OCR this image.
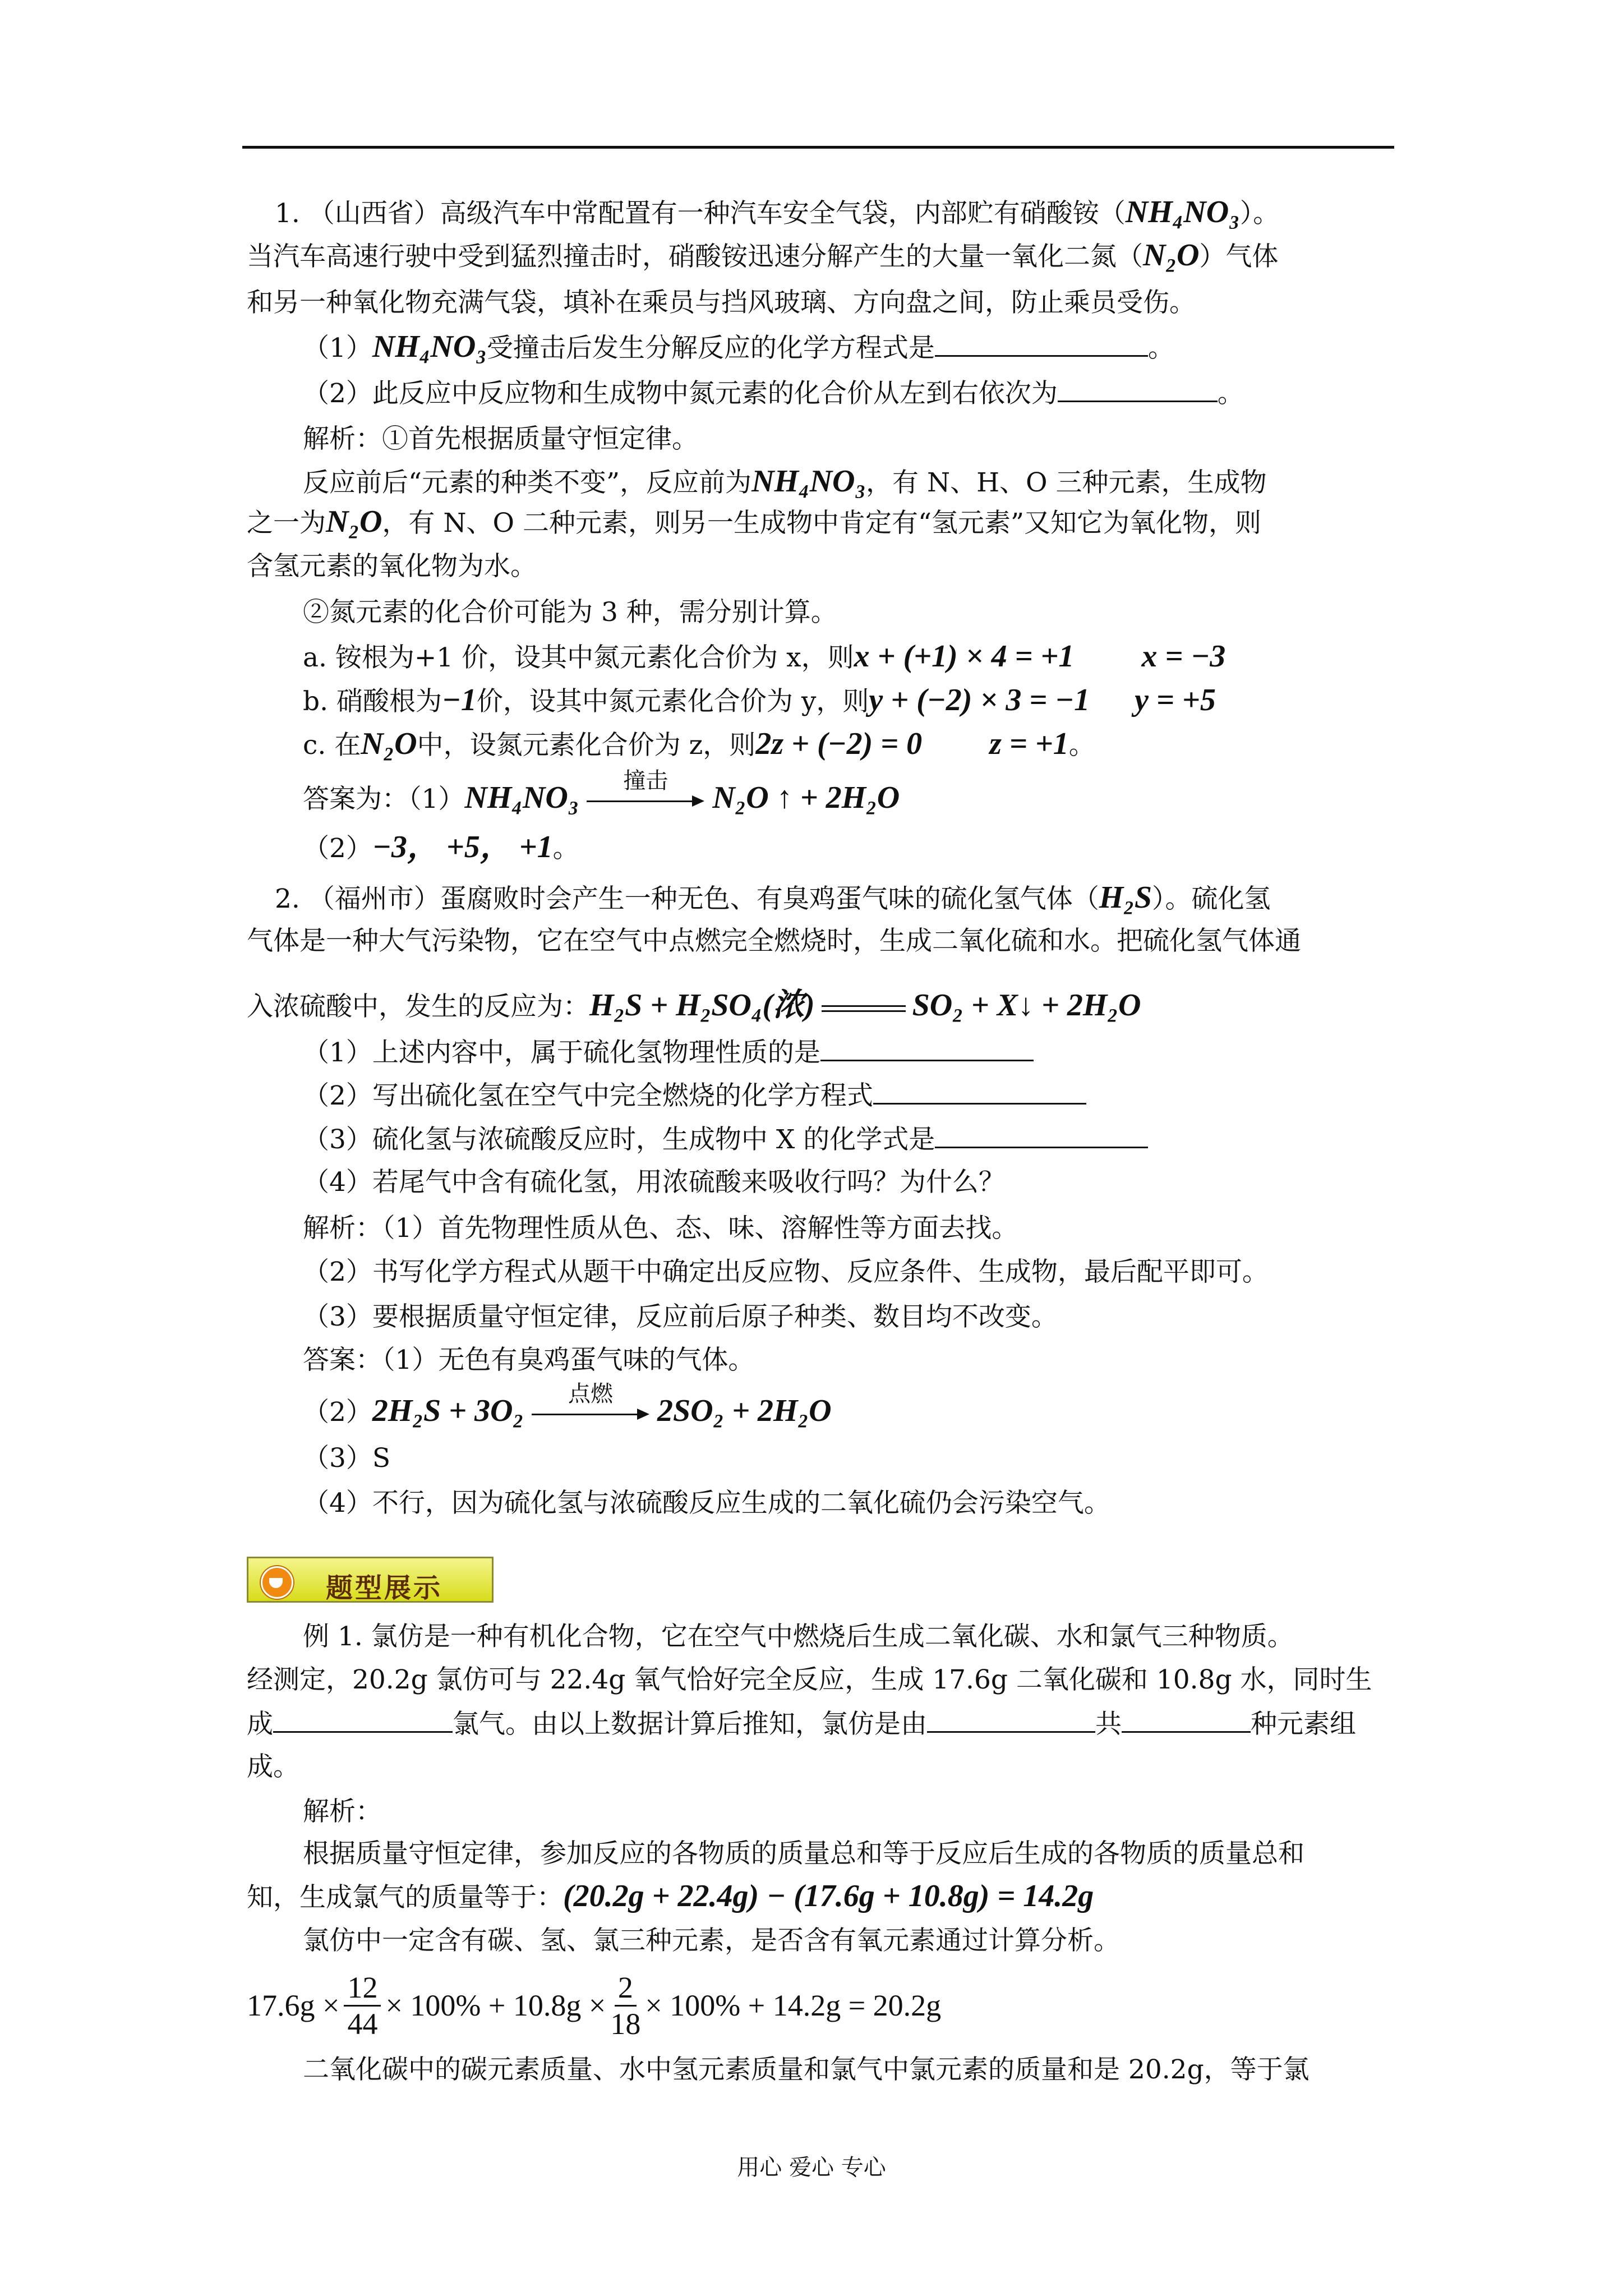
1. （山西省）高级汽车中常配置有一种汽车安全气袋，内部贮有硝酸铵（NH₄NO₃）。
当汽车高速行驶中受到猛烈撞击时，硝酸铵迅速分解产生的大量一氧化二氮（N₂O）气体
和另一种氧化物充满气袋，填补在乘员与挡风玻璃、方向盘之间，防止乘员受伤。
（1）NH₄NO₃受撞击后发生分解反应的化学方程式是	。
（2）此反应中反应物和生成物中氮元素的化合价从左到右依次为	。
解析：①首先根据质量守恒定律。
反应前后“元素的种类不变”，反应前为NH₄NO₃，有 N、H、O 三种元素，生成物
之一为N₂O，有 N、O 二种元素，则另一生成物中肯定有“氢元素”又知它为氧化物，则
含氢元素的氧化物为水。
②氮元素的化合价可能为 3 种，需分别计算。
a. 铵根为+1 价，设其中氮元素化合价为 x，则x + (+1) × 4 = +1 x = −3
b. 硝酸根为−1价，设其中氮元素化合价为 y，则y + (−2) × 3 = −1 y = +5
c. 在N₂O中，设氮元素化合价为 z，则2z + (−2) = 0 z = +1。
答案为：（1）NH₄NO₃	撞击	N₂O ↑ + 2H₂O
（2）−3， +5， +1。
2. （福州市）蛋腐败时会产生一种无色、有臭鸡蛋气味的硫化氢气体（H₂S）。硫化氢
气体是一种大气污染物，它在空气中点燃完全燃烧时，生成二氧化硫和水。把硫化氢气体通
入浓硫酸中，发生的反应为：H₂S + H₂SO₄(浓)	SO₂ + X↓ + 2H₂O
（1）上述内容中，属于硫化氢物理性质的是
（2）写出硫化氢在空气中完全燃烧的化学方程式
（3）硫化氢与浓硫酸反应时，生成物中 X 的化学式是
（4）若尾气中含有硫化氢，用浓硫酸来吸收行吗？为什么？
解析：（1）首先物理性质从色、态、味、溶解性等方面去找。
（2）书写化学方程式从题干中确定出反应物、反应条件、生成物，最后配平即可。
（3）要根据质量守恒定律，反应前后原子种类、数目均不改变。
答案：（1）无色有臭鸡蛋气味的气体。
（2）2H₂S + 3O₂	点燃	2SO₂ + 2H₂O
（3）S
（4）不行，因为硫化氢与浓硫酸反应生成的二氧化硫仍会污染空气。
题型展示
例 1. 氯仿是一种有机化合物，它在空气中燃烧后生成二氧化碳、水和氯气三种物质。
经测定，20.2g 氯仿可与 22.4g 氧气恰好完全反应，生成 17.6g 二氧化碳和 10.8g 水，同时生
成	氯气。由以上数据计算后推知，氯仿是由	共	种元素组
成。
解析：
根据质量守恒定律，参加反应的各物质的质量总和等于反应后生成的各物质的质量总和
知，生成氯气的质量等于：(20.2g + 22.4g) − (17.6g + 10.8g) = 14.2g
氯仿中一定含有碳、氢、氯三种元素，是否含有氧元素通过计算分析。
$17.6g \times \frac{12}{44} \times 100\% + 10.8g \times \frac{2}{18} \times 100\% + 14.2g = 20.2g$
二氧化碳中的碳元素质量、水中氢元素质量和氯气中氯元素的质量和是 20.2g，等于氯
用心 爱心 专心
